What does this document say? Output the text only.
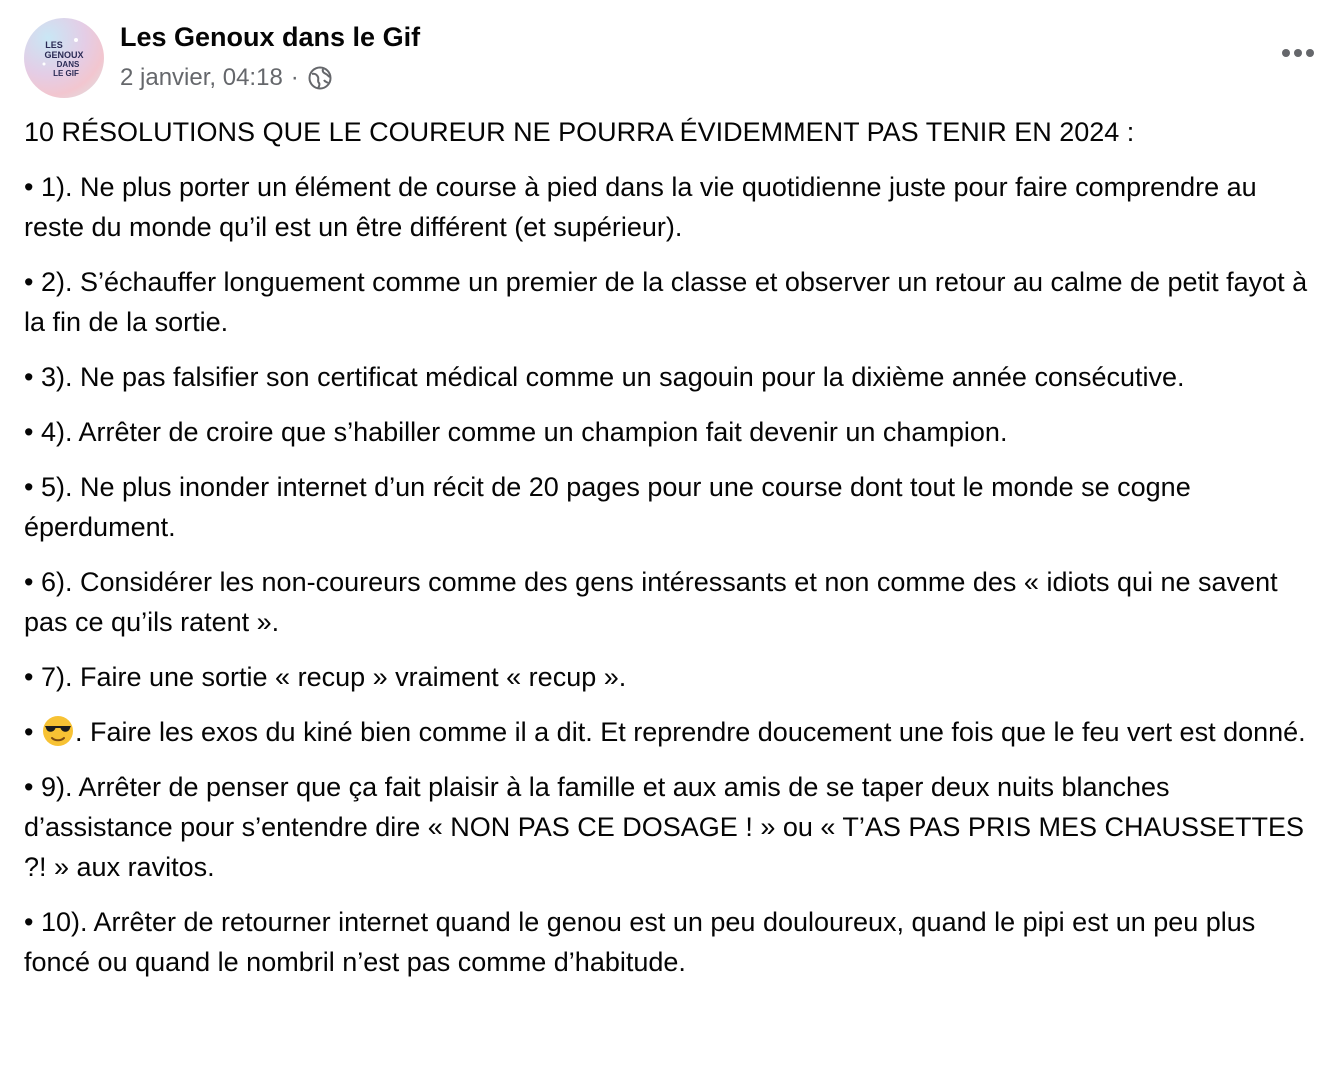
LES
GENOUX
DANS
LE GIF
Les Genoux dans le Gif
2 janvier, 04:18 ·

10 RÉSOLUTIONS QUE LE COUREUR NE POURRA ÉVIDEMMENT PAS TENIR EN 2024 :

• 1). Ne plus porter un élément de course à pied dans la vie quotidienne juste pour faire comprendre au reste du monde qu’il est un être différent (et supérieur).

• 2). S’échauffer longuement comme un premier de la classe et observer un retour au calme de petit fayot à la fin de la sortie.

• 3). Ne pas falsifier son certificat médical comme un sagouin pour la dixième année consécutive.

• 4). Arrêter de croire que s’habiller comme un champion fait devenir un champion.

• 5). Ne plus inonder internet d’un récit de 20 pages pour une course dont tout le monde se cogne éperdument.

• 6). Considérer les non-coureurs comme des gens intéressants et non comme des « idiots qui ne savent pas ce qu’ils ratent ».

• 7). Faire une sortie « recup » vraiment « recup ».

• . Faire les exos du kiné bien comme il a dit. Et reprendre doucement une fois que le feu vert est donné.

• 9). Arrêter de penser que ça fait plaisir à la famille et aux amis de se taper deux nuits blanches d’assistance pour s’entendre dire « NON PAS CE DOSAGE ! » ou « T’AS PAS PRIS MES CHAUSSETTES ?! » aux ravitos.

• 10). Arrêter de retourner internet quand le genou est un peu douloureux, quand le pipi est un peu plus foncé ou quand le nombril n’est pas comme d’habitude.
